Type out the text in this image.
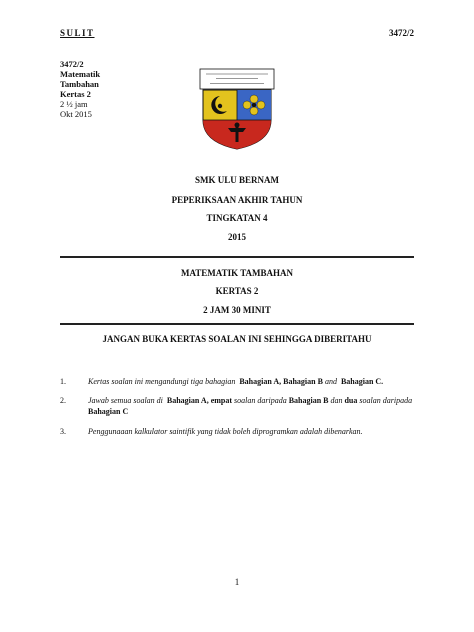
SULIT	3472/2
3472/2
Matematik
Tambahan
Kertas 2
2 ½ jam
Okt 2015
SMK ULU BERNAM
PEPERIKSAAN AKHIR TAHUN
TINGKATAN 4
2015
MATEMATIK TAMBAHAN
KERTAS 2
2 JAM 30 MINIT
JANGAN BUKA KERTAS SOALAN INI SEHINGGA DIBERITAHU
1.	Kertas soalan ini mengandungi tiga bahagian Bahagian A, Bahagian B and Bahagian C.
2.	Jawab semua soalan di Bahagian A, empat soalan daripada Bahagian B dan dua soalan daripada Bahagian C
3.	Penggunaaan kalkulator saintifik yang tidak boleh diprogramkan adalah dibenarkan.
1
